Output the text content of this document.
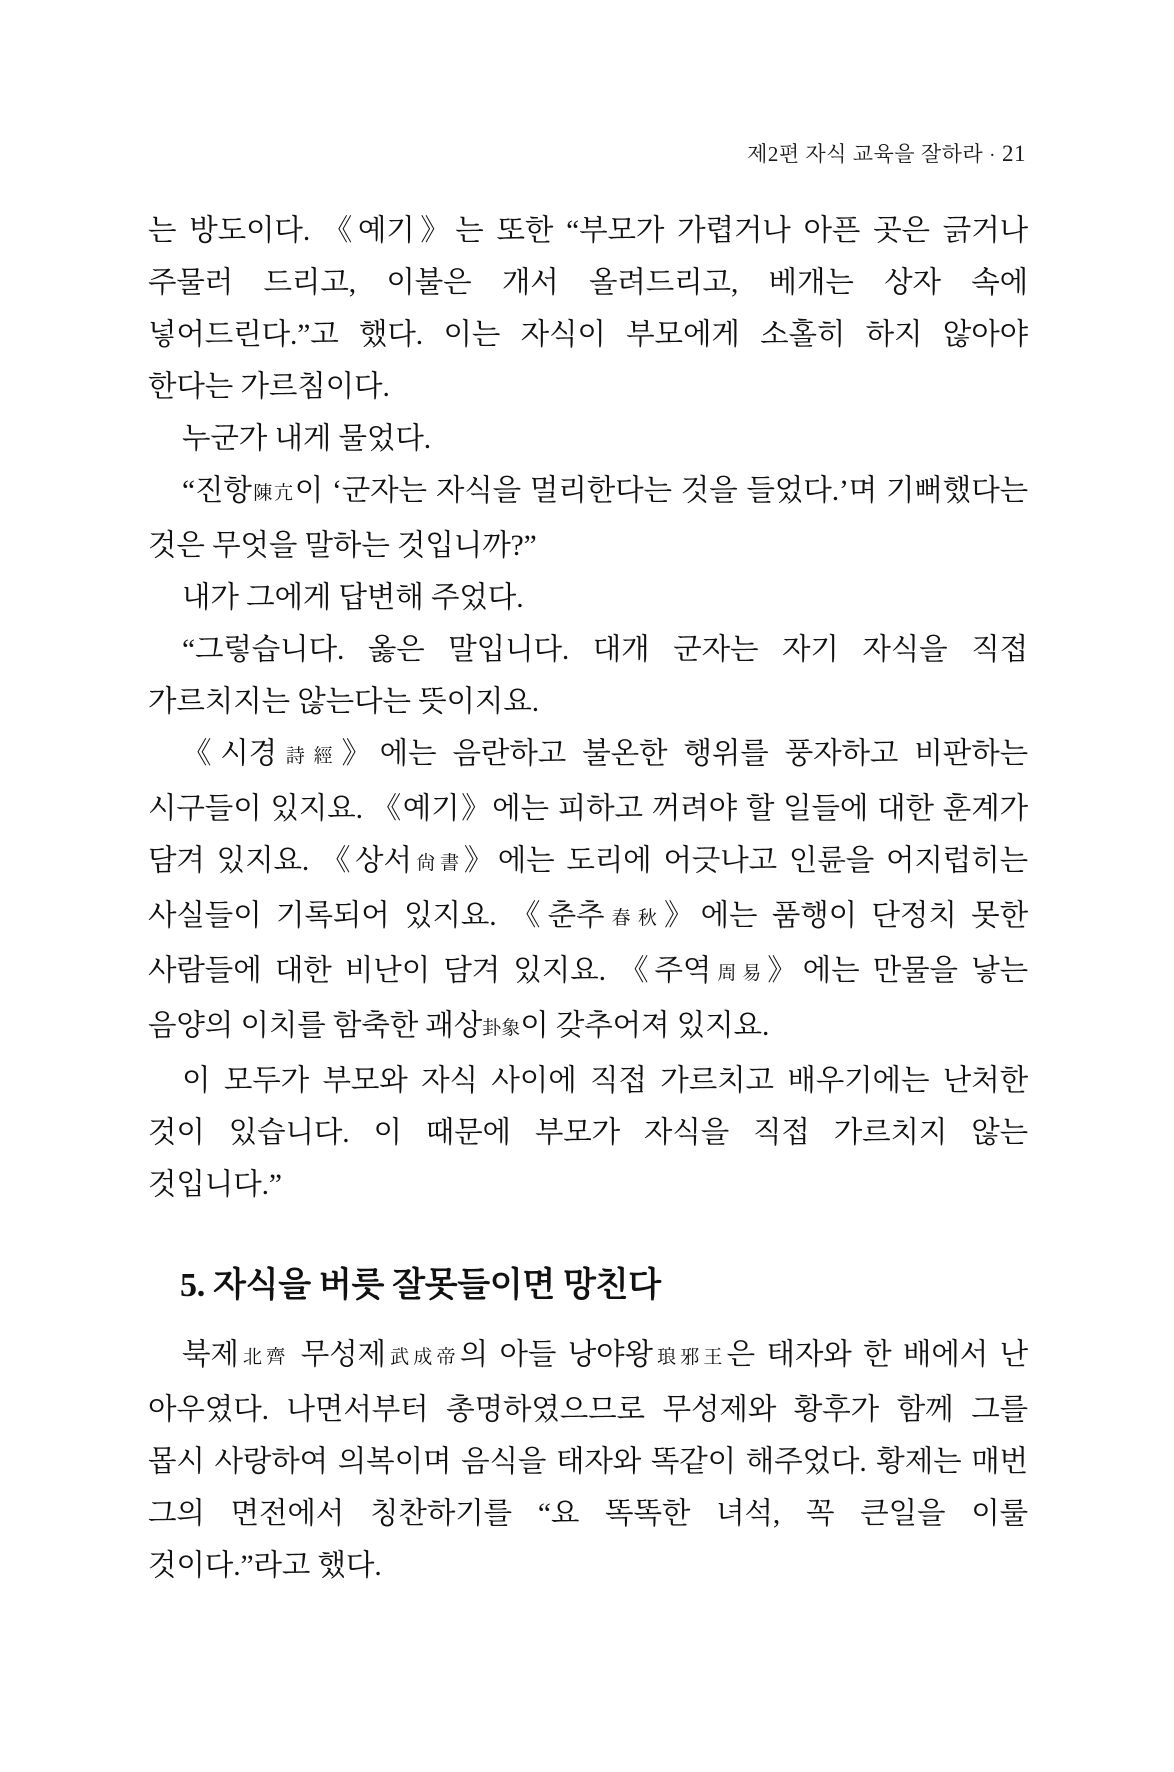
제2편 자식 교육을 잘하라 · 21

는 방도이다. 《예기》는 또한 “부모가 가렵거나 아픈 곳은 긁거나 주물러 드리고, 이불은 개서 올려드리고, 베개는 상자 속에 넣어드린다.”고 했다. 이는 자식이 부모에게 소홀히 하지 않아야 한다는 가르침이다.

누군가 내게 물었다.

“진항陳亢이 ‘군자는 자식을 멀리한다는 것을 들었다.’며 기뻐했다는 것은 무엇을 말하는 것입니까?”

내가 그에게 답변해 주었다.

“그렇습니다. 옳은 말입니다. 대개 군자는 자기 자식을 직접 가르치지는 않는다는 뜻이지요.

《시경詩經》에는 음란하고 불온한 행위를 풍자하고 비판하는 시구들이 있지요. 《예기》에는 피하고 꺼려야 할 일들에 대한 훈계가 담겨 있지요. 《상서尙書》에는 도리에 어긋나고 인륜을 어지럽히는 사실들이 기록되어 있지요. 《춘추春秋》에는 품행이 단정치 못한 사람들에 대한 비난이 담겨 있지요. 《주역周易》에는 만물을 낳는 음양의 이치를 함축한 괘상卦象이 갖추어져 있지요.

이 모두가 부모와 자식 사이에 직접 가르치고 배우기에는 난처한 것이 있습니다. 이 때문에 부모가 자식을 직접 가르치지 않는 것입니다.”

5. 자식을 버릇 잘못들이면 망친다

북제北齊 무성제武成帝의 아들 낭야왕琅邪王은 태자와 한 배에서 난 아우였다. 나면서부터 총명하였으므로 무성제와 황후가 함께 그를 몹시 사랑하여 의복이며 음식을 태자와 똑같이 해주었다. 황제는 매번 그의 면전에서 칭찬하기를 “요 똑똑한 녀석, 꼭 큰일을 이룰 것이다.”라고 했다.
